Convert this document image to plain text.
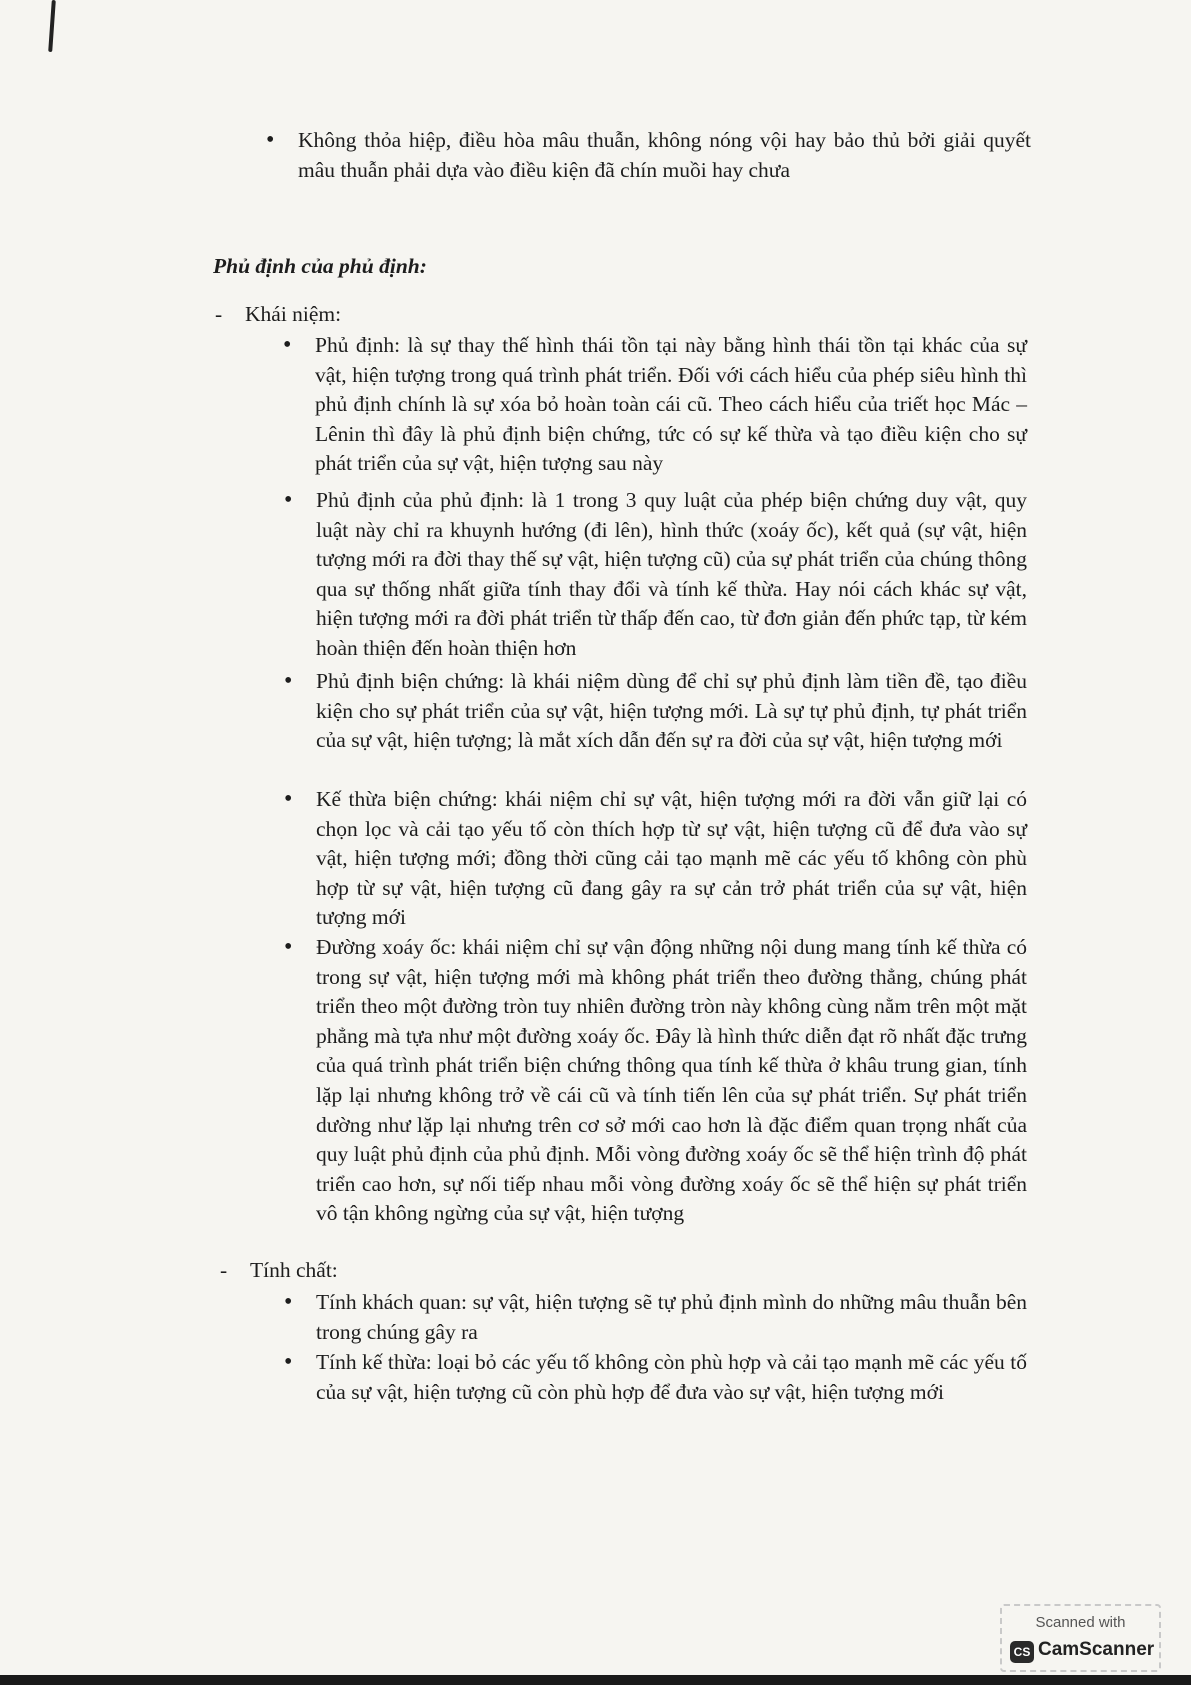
• Không thỏa hiệp, điều hòa mâu thuẫn, không nóng vội hay bảo thủ bởi giải quyết mâu thuẫn phải dựa vào điều kiện đã chín muồi hay chưa
Phủ định của phủ định:
- Khái niệm:
• Phủ định: là sự thay thế hình thái tồn tại này bằng hình thái tồn tại khác của sự vật, hiện tượng trong quá trình phát triển. Đối với cách hiểu của phép siêu hình thì phủ định chính là sự xóa bỏ hoàn toàn cái cũ. Theo cách hiểu của triết học Mác – Lênin thì đây là phủ định biện chứng, tức có sự kế thừa và tạo điều kiện cho sự phát triển của sự vật, hiện tượng sau này
• Phủ định của phủ định: là 1 trong 3 quy luật của phép biện chứng duy vật, quy luật này chỉ ra khuynh hướng (đi lên), hình thức (xoáy ốc), kết quả (sự vật, hiện tượng mới ra đời thay thế sự vật, hiện tượng cũ) của sự phát triển của chúng thông qua sự thống nhất giữa tính thay đổi và tính kế thừa. Hay nói cách khác sự vật, hiện tượng mới ra đời phát triển từ thấp đến cao, từ đơn giản đến phức tạp, từ kém hoàn thiện đến hoàn thiện hơn
• Phủ định biện chứng: là khái niệm dùng để chỉ sự phủ định làm tiền đề, tạo điều kiện cho sự phát triển của sự vật, hiện tượng mới. Là sự tự phủ định, tự phát triển của sự vật, hiện tượng; là mắt xích dẫn đến sự ra đời của sự vật, hiện tượng mới
• Kế thừa biện chứng: khái niệm chỉ sự vật, hiện tượng mới ra đời vẫn giữ lại có chọn lọc và cải tạo yếu tố còn thích hợp từ sự vật, hiện tượng cũ để đưa vào sự vật, hiện tượng mới; đồng thời cũng cải tạo mạnh mẽ các yếu tố không còn phù hợp từ sự vật, hiện tượng cũ đang gây ra sự cản trở phát triển của sự vật, hiện tượng mới
• Đường xoáy ốc: khái niệm chỉ sự vận động những nội dung mang tính kế thừa có trong sự vật, hiện tượng mới mà không phát triển theo đường thẳng, chúng phát triển theo một đường tròn tuy nhiên đường tròn này không cùng nằm trên một mặt phẳng mà tựa như một đường xoáy ốc. Đây là hình thức diễn đạt rõ nhất đặc trưng của quá trình phát triển biện chứng thông qua tính kế thừa ở khâu trung gian, tính lặp lại nhưng không trở về cái cũ và tính tiến lên của sự phát triển. Sự phát triển dường như lặp lại nhưng trên cơ sở mới cao hơn là đặc điểm quan trọng nhất của quy luật phủ định của phủ định. Mỗi vòng đường xoáy ốc sẽ thể hiện trình độ phát triển cao hơn, sự nối tiếp nhau mỗi vòng đường xoáy ốc sẽ thể hiện sự phát triển vô tận không ngừng của sự vật, hiện tượng
- Tính chất:
• Tính khách quan: sự vật, hiện tượng sẽ tự phủ định mình do những mâu thuẫn bên trong chúng gây ra
• Tính kế thừa: loại bỏ các yếu tố không còn phù hợp và cải tạo mạnh mẽ các yếu tố của sự vật, hiện tượng cũ còn phù hợp để đưa vào sự vật, hiện tượng mới
Scanned with
CS CamScanner
